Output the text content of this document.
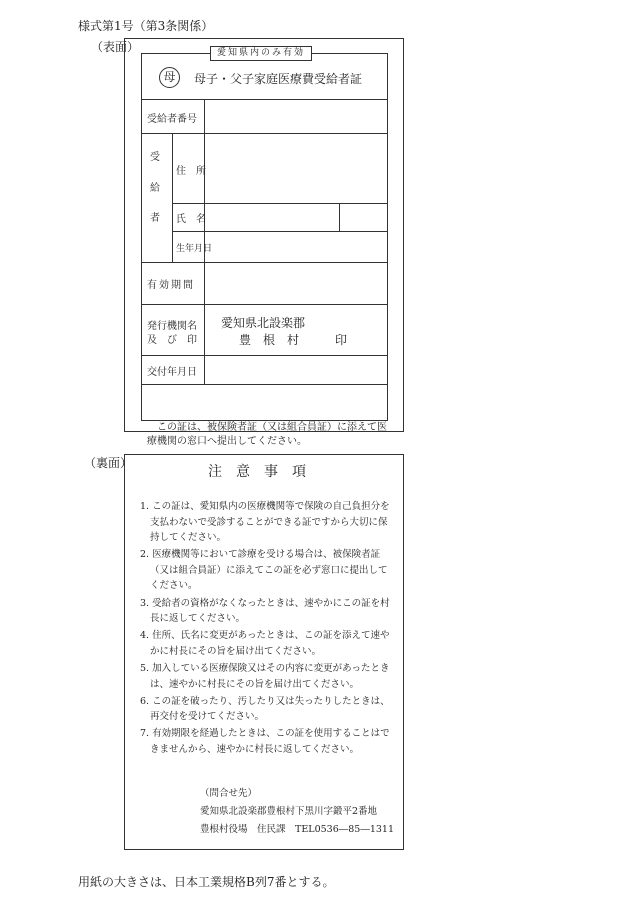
様式第1号（第3条関係）
（表面）	愛知県内のみ有効
母	母子・父子家庭医療費受給者証
受給者番号
受
給
者
住　所
氏　名
生年月日
有効期間
発行機関名
及　び　印
愛知県北設楽郡
豊　根　村　　　印
交付年月日
この証は、被保険者証（又は組合員証）に添えて医療機関の窓口へ提出してください。
（裏面）
注意事項
1. この証は、愛知県内の医療機関等で保険の自己負担分を支払わないで受診することができる証ですから大切に保持してください。
2. 医療機関等において診療を受ける場合は、被保険者証（又は組合員証）に添えてこの証を必ず窓口に提出してください。
3. 受給者の資格がなくなったときは、速やかにこの証を村長に返してください。
4. 住所、氏名に変更があったときは、この証を添えて速やかに村長にその旨を届け出てください。
5. 加入している医療保険又はその内容に変更があったときは、速やかに村長にその旨を届け出てください。
6. この証を破ったり、汚したり又は失ったりしたときは、再交付を受けてください。
7. 有効期限を経過したときは、この証を使用することはできませんから、速やかに村長に返してください。
（問合せ先）
愛知県北設楽郡豊根村下黒川字鍛平2番地
豊根村役場　住民課　TEL0536―85―1311
用紙の大きさは、日本工業規格B列7番とする。
